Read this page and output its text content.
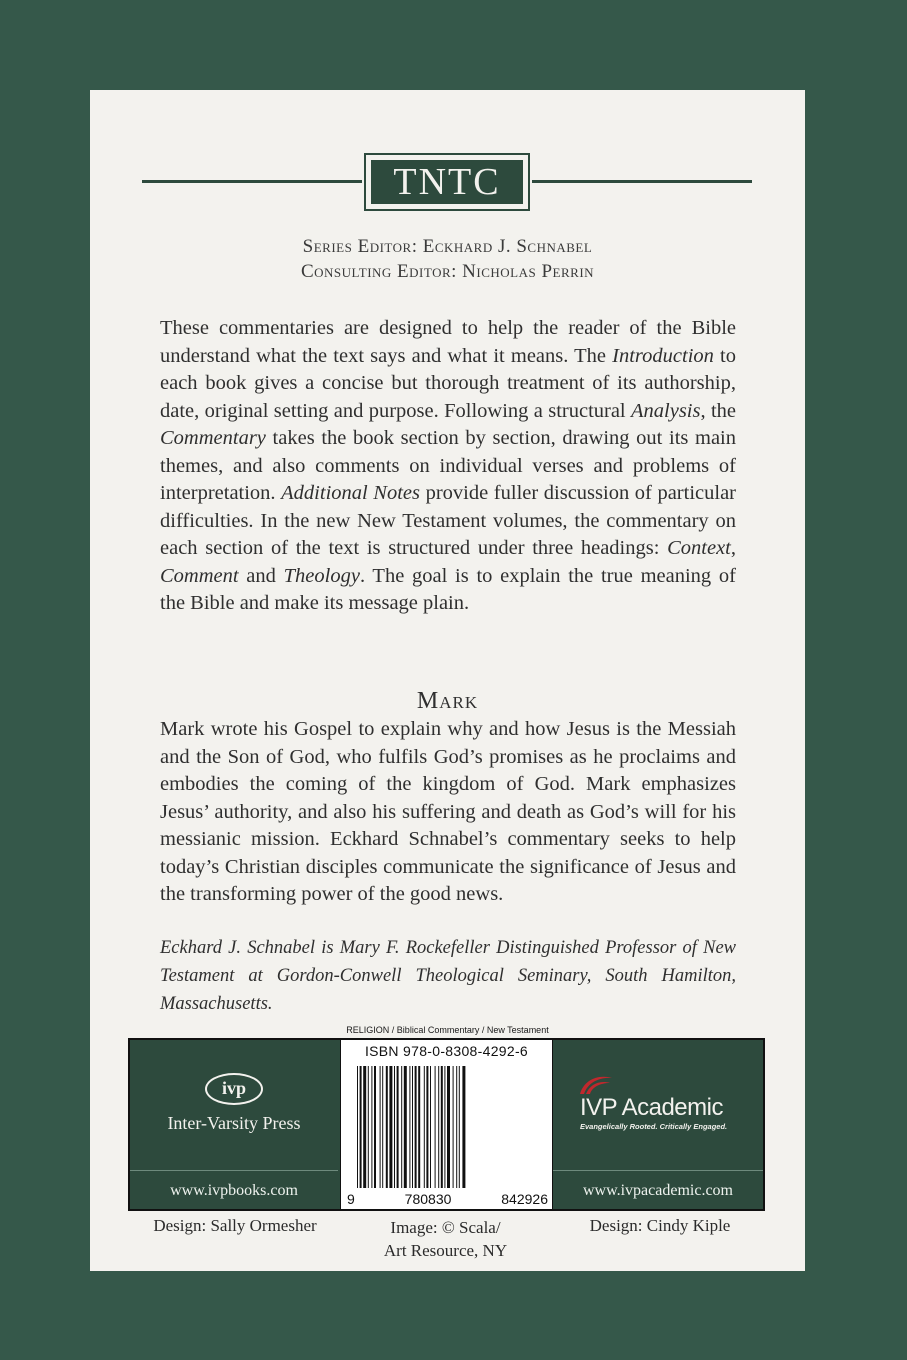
TNTC
Series Editor: Eckhard J. Schnabel
Consulting Editor: Nicholas Perrin

These commentaries are designed to help the reader of the Bible understand what the text says and what it means. The Introduction to each book gives a concise but thorough treatment of its authorship, date, original setting and purpose. Following a structural Analysis, the Commentary takes the book section by section, drawing out its main themes, and also comments on individual verses and problems of interpretation. Additional Notes provide fuller discussion of particular difficulties. In the new New Testament volumes, the commentary on each section of the text is structured under three headings: Context, Comment and Theology. The goal is to explain the true meaning of the Bible and make its message plain.

Mark

Mark wrote his Gospel to explain why and how Jesus is the Messiah and the Son of God, who fulfils God’s promises as he proclaims and embodies the coming of the kingdom of God. Mark emphasizes Jesus’ authority, and also his suffering and death as God’s will for his messianic mission. Eckhard Schnabel’s commentary seeks to help today’s Christian disciples communicate the significance of Jesus and the transforming power of the good news.

Eckhard J. Schnabel is Mary F. Rockefeller Distinguished Professor of New Testament at Gordon-Conwell Theological Seminary, South Hamilton, Massachusetts.
RELIGION / Biblical Commentary / New Testament
ivp
Inter-Varsity Press
www.ivpbooks.com
ISBN 978-0-8308-4292-6
9	780830	842926
IVP Academic
Evangelically Rooted. Critically Engaged.
www.ivpacademic.com
Design: Sally Ormesher	Image: © Scala/
Art Resource, NY
Design: Cindy Kiple
